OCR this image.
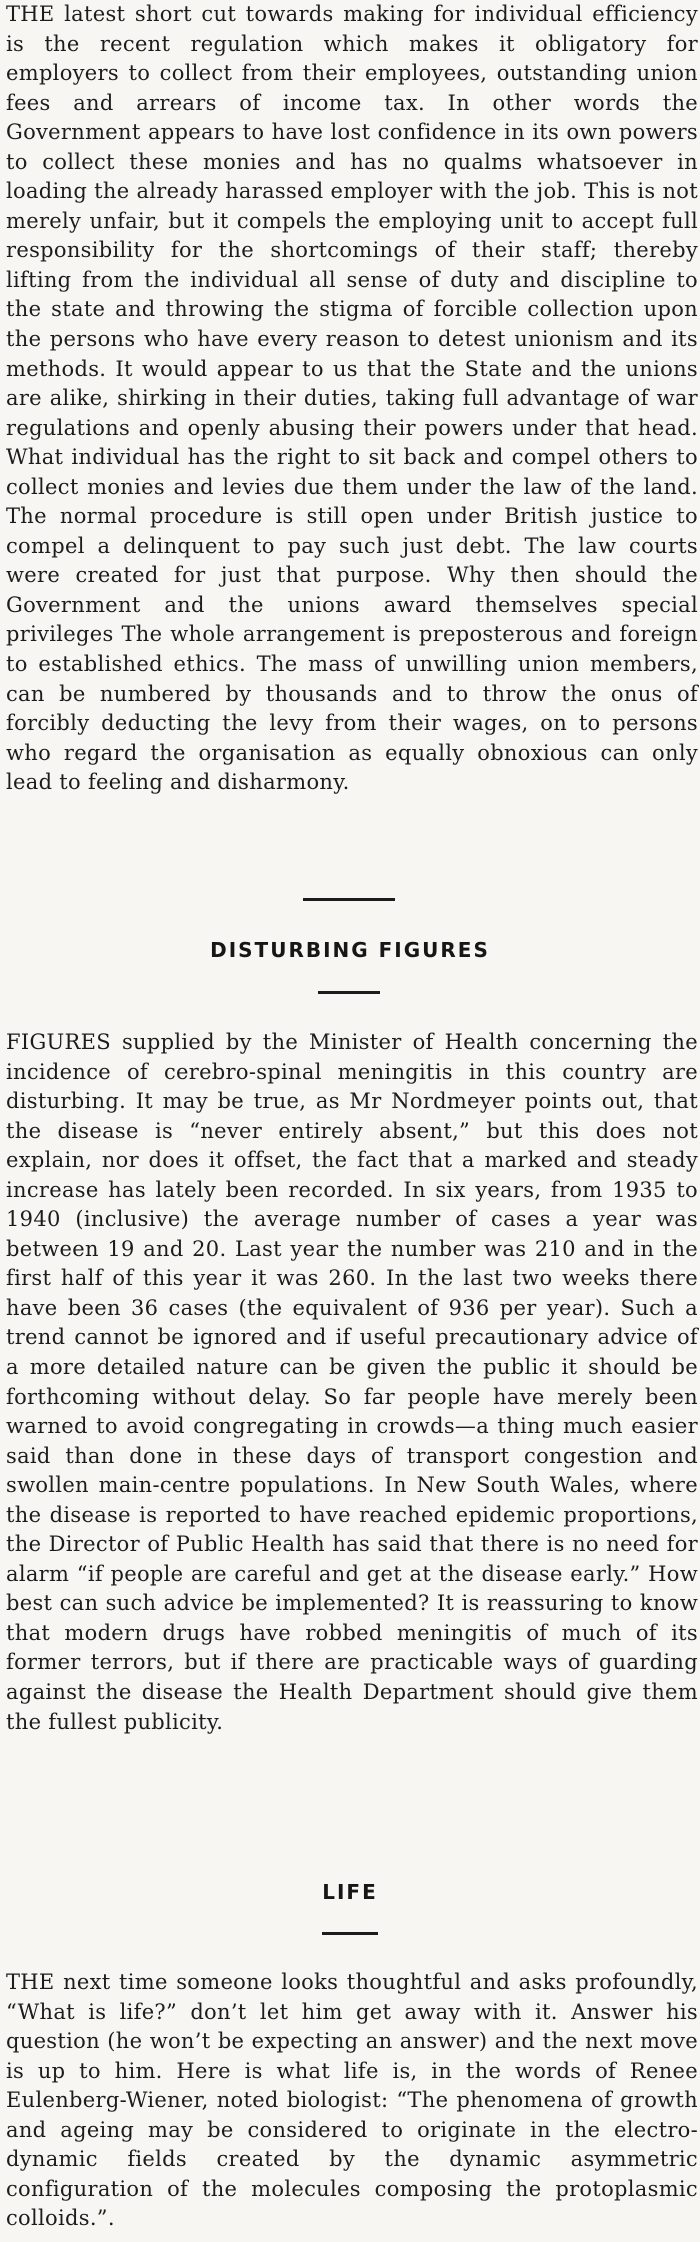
THE latest short cut towards making for individual efficiency is the recent regulation which makes it obligatory for employers to collect from their employees, outstanding union fees and arrears of income tax. In other words the Government appears to have lost confidence in its own powers to collect these monies and has no qualms whatsoever in loading the already harassed employer with the job. This is not merely unfair, but it compels the employing unit to accept full responsibility for the shortcomings of their staff; thereby lifting from the individual all sense of duty and discipline to the state and throwing the stigma of forcible collection upon the persons who have every reason to detest unionism and its methods. It would appear to us that the State and the unions are alike, shirking in their duties, taking full advantage of war regulations and openly abusing their powers under that head. What individual has the right to sit back and compel others to collect monies and levies due them under the law of the land. The normal procedure is still open under British justice to compel a delinquent to pay such just debt. The law courts were created for just that purpose. Why then should the Government and the unions award themselves special privileges The whole arrangement is preposterous and foreign to established ethics. The mass of unwilling union members, can be numbered by thousands and to throw the onus of forcibly deducting the levy from their wages, on to persons who regard the organisation as equally obnoxious can only lead to feeling and disharmony.

DISTURBING FIGURES

FIGURES supplied by the Minister of Health concerning the incidence of cerebro-spinal meningitis in this country are disturbing. It may be true, as Mr Nordmeyer points out, that the disease is “never entirely absent,” but this does not explain, nor does it offset, the fact that a marked and steady increase has lately been recorded. In six years, from 1935 to 1940 (inclusive) the average number of cases a year was between 19 and 20. Last year the number was 210 and in the first half of this year it was 260. In the last two weeks there have been 36 cases (the equivalent of 936 per year). Such a trend cannot be ignored and if useful precautionary advice of a more detailed nature can be given the public it should be forthcoming without delay. So far people have merely been warned to avoid congregating in crowds—a thing much easier said than done in these days of transport congestion and swollen main-centre populations. In New South Wales, where the disease is reported to have reached epidemic proportions, the Director of Public Health has said that there is no need for alarm “if people are careful and get at the disease early.” How best can such advice be implemented? It is reassuring to know that modern drugs have robbed meningitis of much of its former terrors, but if there are practicable ways of guarding against the disease the Health Department should give them the fullest publicity.

LIFE

THE next time someone looks thoughtful and asks profoundly, “What is life?” don’t let him get away with it. Answer his question (he won’t be expecting an answer) and the next move is up to him. Here is what life is, in the words of Renee Eulenberg-Wiener, noted biologist: “The phenomena of growth and ageing may be considered to originate in the electro-dynamic fields created by the dynamic asymmetric configuration of the molecules composing the protoplasmic colloids.”.
